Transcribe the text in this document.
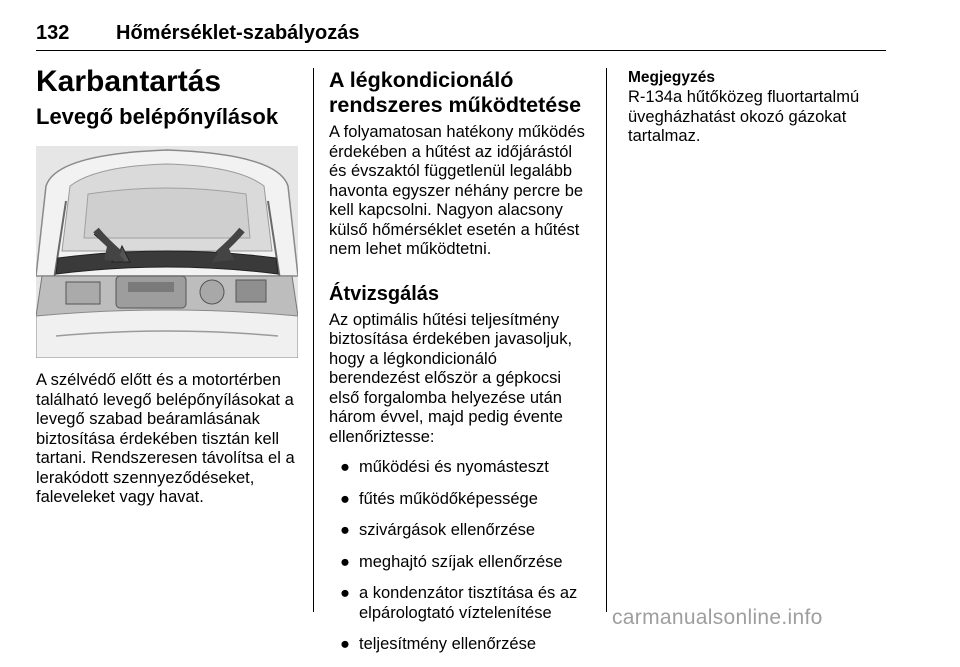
132 Hőmérséklet-szabályozás
Karbantartás
Levegő belépőnyílások

A szélvédő előtt és a motortérben található levegő belépőnyílásokat a levegő szabad beáramlásának biztosítása érdekében tisztán kell tartani. Rendszeresen távolítsa el a lerakódott szennyeződéseket, faleveleket vagy havat.

A légkondicionáló rendszeres működtetése

A folyamatosan hatékony működés érdekében a hűtést az időjárástól és évszaktól függetlenül legalább havonta egyszer néhány percre be kell kapcsolni. Nagyon alacsony külső hőmérséklet esetén a hűtést nem lehet működtetni.

Átvizsgálás

Az optimális hűtési teljesítmény biztosítása érdekében javasoljuk, hogy a légkondicionáló berendezést először a gépkocsi első forgalomba helyezése után három évvel, majd pedig évente ellenőriztesse:

● működési és nyomásteszt
● fűtés működőképessége
● szivárgások ellenőrzése
● meghajtó szíjak ellenőrzése
● a kondenzátor tisztítása és az elpárologtató víztelenítése
● teljesítmény ellenőrzése

Megjegyzés

R-134a hűtőközeg fluortartalmú üvegházhatást okozó gázokat tartalmaz.

carmanualsonline.info
